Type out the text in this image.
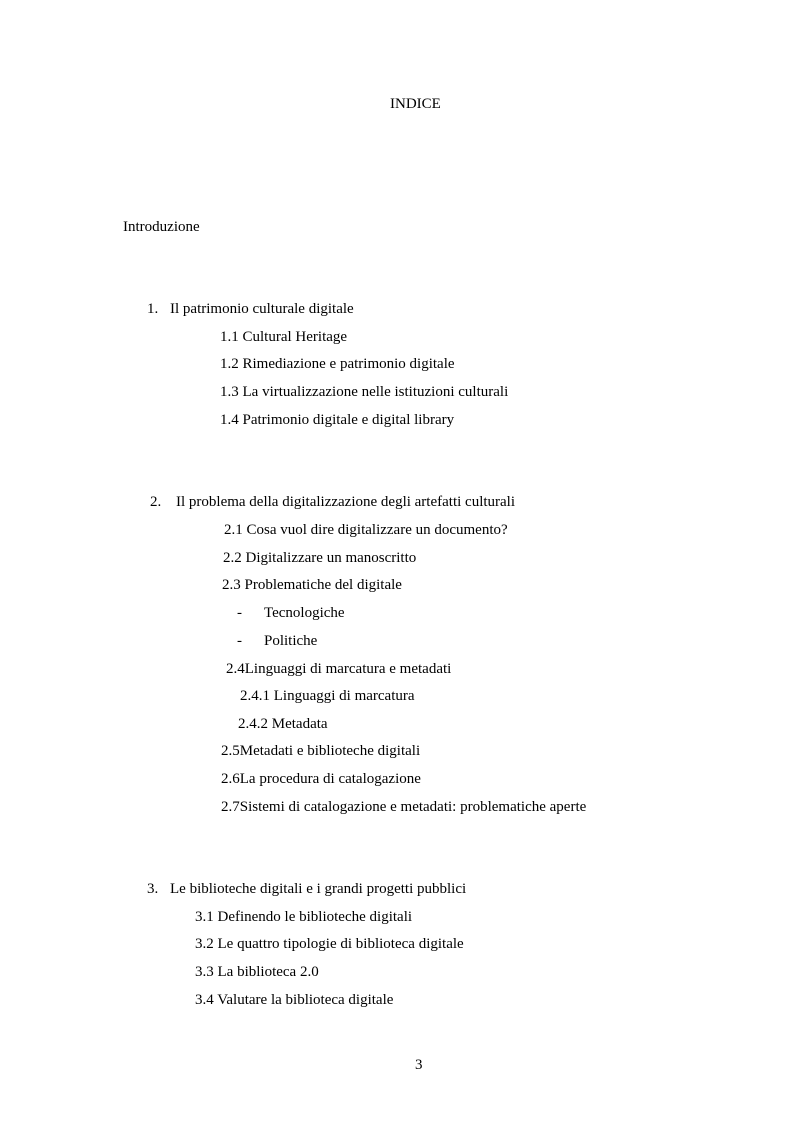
INDICE
Introduzione
1. Il patrimonio culturale digitale
1.1 Cultural Heritage
1.2 Rimediazione e patrimonio digitale
1.3 La virtualizzazione nelle istituzioni culturali
1.4 Patrimonio digitale e digital library
2. Il problema della digitalizzazione degli artefatti culturali
2.1 Cosa vuol dire digitalizzare un documento?
2.2 Digitalizzare un manoscritto
2.3 Problematiche del digitale
- Tecnologiche
- Politiche
2.4Linguaggi di marcatura e metadati
2.4.1 Linguaggi di marcatura
2.4.2 Metadata
2.5Metadati e biblioteche digitali
2.6La procedura di catalogazione
2.7Sistemi di catalogazione e metadati: problematiche aperte
3. Le biblioteche digitali e i grandi progetti pubblici
3.1 Definendo le biblioteche digitali
3.2 Le quattro tipologie di biblioteca digitale
3.3 La biblioteca 2.0
3.4 Valutare la biblioteca digitale
3
